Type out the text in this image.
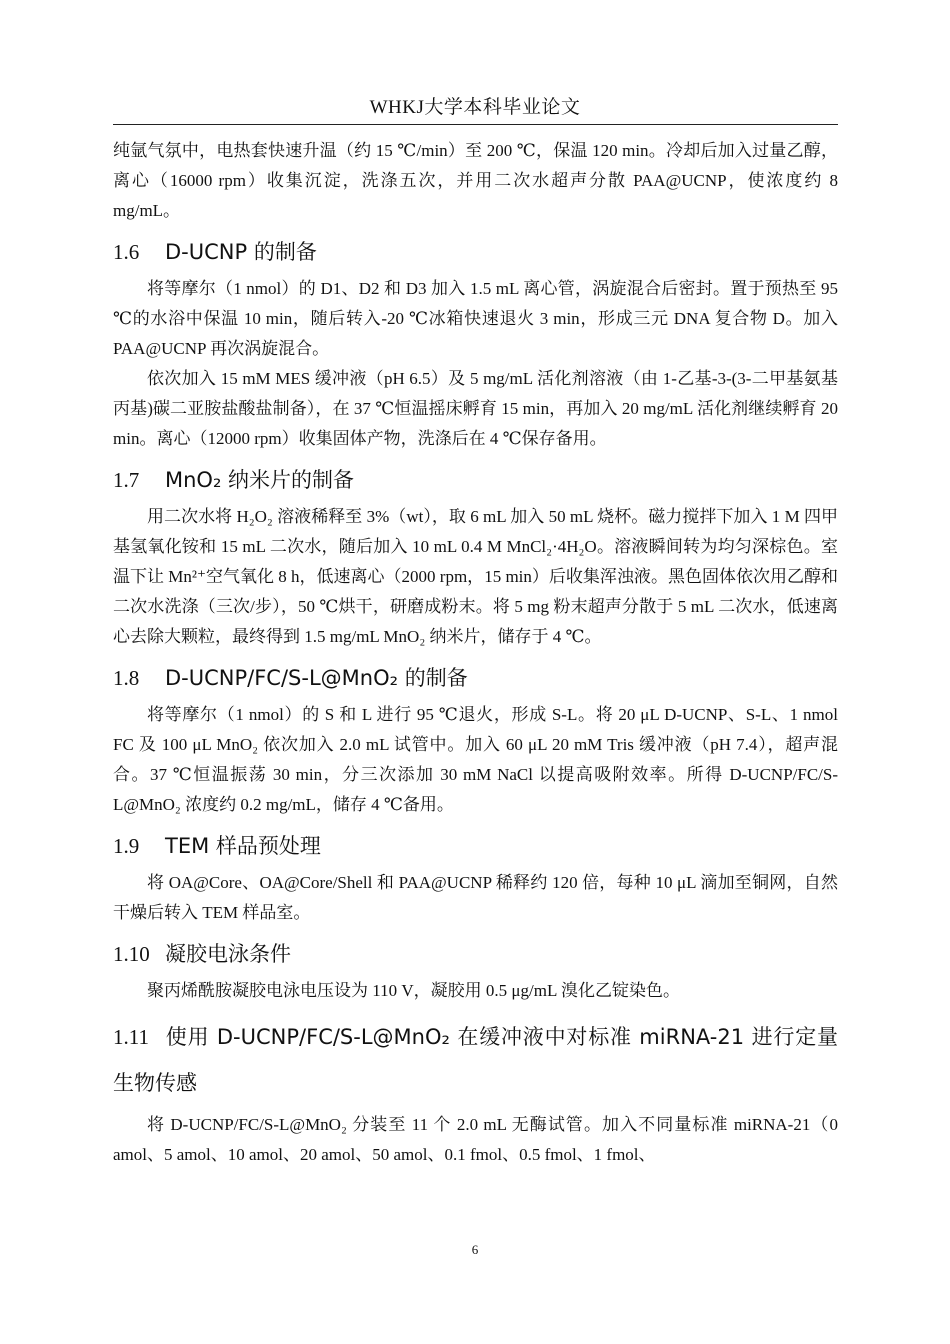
WHKJ大学本科毕业论文

纯氩气氛中，电热套快速升温（约 15 ℃/min）至 200 ℃，保温 120 min。冷却后加入过量乙醇，离心（16000 rpm）收集沉淀，洗涤五次，并用二次水超声分散 PAA@UCNP，使浓度约 8 mg/mL。

1.6 D-UCNP 的制备

将等摩尔（1 nmol）的 D1、D2 和 D3 加入 1.5 mL 离心管，涡旋混合后密封。置于预热至 95 ℃的水浴中保温 10 min，随后转入-20 ℃冰箱快速退火 3 min，形成三元 DNA 复合物 D。加入 PAA@UCNP 再次涡旋混合。

依次加入 15 mM MES 缓冲液（pH 6.5）及 5 mg/mL 活化剂溶液（由 1-乙基-3-(3-二甲基氨基丙基)碳二亚胺盐酸盐制备），在 37 ℃恒温摇床孵育 15 min，再加入 20 mg/mL 活化剂继续孵育 20 min。离心（12000 rpm）收集固体产物，洗涤后在 4 ℃保存备用。

1.7 MnO₂ 纳米片的制备

用二次水将 H₂O₂ 溶液稀释至 3%（wt），取 6 mL 加入 50 mL 烧杯。磁力搅拌下加入 1 M 四甲基氢氧化铵和 15 mL 二次水，随后加入 10 mL 0.4 M MnCl₂·4H₂O。溶液瞬间转为均匀深棕色。室温下让 Mn²⁺空气氧化 8 h，低速离心（2000 rpm，15 min）后收集浑浊液。黑色固体依次用乙醇和二次水洗涤（三次/步），50 ℃烘干，研磨成粉末。将 5 mg 粉末超声分散于 5 mL 二次水，低速离心去除大颗粒，最终得到 1.5 mg/mL MnO₂ 纳米片，储存于 4 ℃。

1.8 D-UCNP/FC/S-L@MnO₂ 的制备

将等摩尔（1 nmol）的 S 和 L 进行 95 ℃退火，形成 S-L。将 20 μL D-UCNP、S-L、1 nmol FC 及 100 μL MnO₂ 依次加入 2.0 mL 试管中。加入 60 μL 20 mM Tris 缓冲液（pH 7.4），超声混合。37 ℃恒温振荡 30 min，分三次添加 30 mM NaCl 以提高吸附效率。所得 D-UCNP/FC/S-L@MnO₂ 浓度约 0.2 mg/mL，储存 4 ℃备用。

1.9 TEM 样品预处理

将 OA@Core、OA@Core/Shell 和 PAA@UCNP 稀释约 120 倍，每种 10 μL 滴加至铜网，自然干燥后转入 TEM 样品室。

1.10 凝胶电泳条件

聚丙烯酰胺凝胶电泳电压设为 110 V，凝胶用 0.5 μg/mL 溴化乙锭染色。

1.11 使用 D-UCNP/FC/S-L@MnO₂ 在缓冲液中对标准 miRNA-21 进行定量生物传感

将 D-UCNP/FC/S-L@MnO₂ 分装至 11 个 2.0 mL 无酶试管。加入不同量标准 miRNA-21（0 amol、5 amol、10 amol、20 amol、50 amol、0.1 fmol、0.5 fmol、1 fmol、

6
